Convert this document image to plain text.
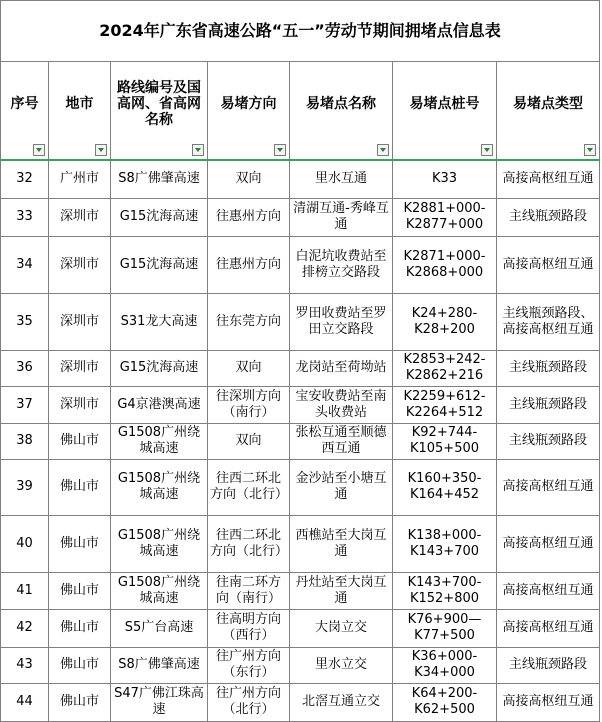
2024年广东省高速公路“五一”劳动节期间拥堵点信息表						
序号	地市	路线编号及国高网、省高网名称	易堵方向	易堵点名称	易堵点桩号	易堵点类型

32	广州市	S8广佛肇高速	双向	里水互通	K33	高接高枢纽互通
33	深圳市	G15沈海高速	往惠州方向	清湖互通-秀峰互通	K2881+000-K2877+000	主线瓶颈路段
34	深圳市	G15沈海高速	往惠州方向	白泥坑收费站至排榜立交路段	K2871+000-K2868+000	高接高枢纽互通
35	深圳市	S31龙大高速	往东莞方向	罗田收费站至罗田立交路段	K24+280-K28+200	主线瓶颈路段、高接高枢纽互通
36	深圳市	G15沈海高速	双向	龙岗站至荷坳站	K2853+242-K2862+216	主线瓶颈路段
37	深圳市	G4京港澳高速	往深圳方向（南行）	宝安收费站至南头收费站	K2259+612-K2264+512	主线瓶颈路段
38	佛山市	G1508广州绕城高速	双向	张松互通至顺德西互通	K92+744-K105+500	主线瓶颈路段
39	佛山市	G1508广州绕城高速	往西二环北方向（北行）	金沙站至小塘互通	K160+350-K164+452	高接高枢纽互通
40	佛山市	G1508广州绕城高速	往西二环北方向（北行）	西樵站至大岗互通	K138+000-K143+700	高接高枢纽互通
41	佛山市	G1508广州绕城高速	往南二环方向（南行）	丹灶站至大岗互通	K143+700-K152+800	高接高枢纽互通
42	佛山市	S5广台高速	往高明方向（西行）	大岗立交	K76+900—K77+500	高接高枢纽互通
43	佛山市	S8广佛肇高速	往广州方向（东行）	里水立交	K36+000-K34+000	主线瓶颈路段
44	佛山市	S47广佛江珠高速	往广州方向（北行）	北滘互通立交	K64+200-K62+500	高接高枢纽互通
